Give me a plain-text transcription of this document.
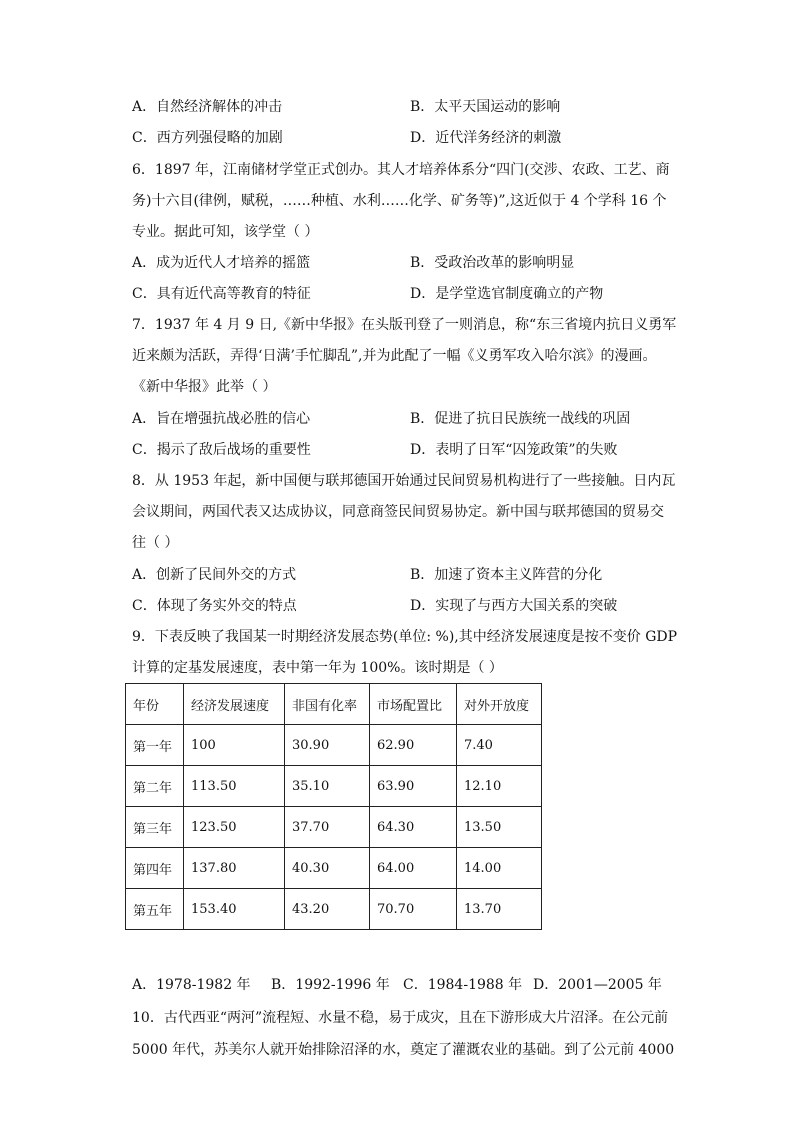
A．自然经济解体的冲击	B．太平天国运动的影响
C．西方列强侵略的加剧	D．近代洋务经济的刺激
6．1897 年，江南储材学堂正式创办。其人才培养体系分“四门(交涉、农政、工艺、商
务)十六目(律例，赋税，……种植、水利……化学、矿务等)”,这近似于 4 个学科 16 个
专业。据此可知，该学堂（ ）
A．成为近代人才培养的摇篮	B．受政治改革的影响明显
C．具有近代高等教育的特征	D．是学堂选官制度确立的产物
7．1937 年 4 月 9 日,《新中华报》在头版刊登了一则消息，称“东三省境内抗日义勇军
近来颇为活跃，弄得‘日满’手忙脚乱”,并为此配了一幅《义勇军攻入哈尔滨》的漫画。
《新中华报》此举（ ）
A．旨在增强抗战必胜的信心	B．促进了抗日民族统一战线的巩固
C．揭示了敌后战场的重要性	D．表明了日军“囚笼政策”的失败
8．从 1953 年起，新中国便与联邦德国开始通过民间贸易机构进行了一些接触。日内瓦
会议期间，两国代表又达成协议，同意商签民间贸易协定。新中国与联邦德国的贸易交
往（ ）
A．创新了民间外交的方式	B．加速了资本主义阵营的分化
C．体现了务实外交的特点	D．实现了与西方大国关系的突破
9．下表反映了我国某一时期经济发展态势(单位: %),其中经济发展速度是按不变价 GDP
计算的定基发展速度，表中第一年为 100%。该时期是（ ）
年份	经济发展速度	非国有化率	市场配置比	对外开放度
第一年	100	30.90	62.90	7.40
第二年	113.50	35.10	63.90	12.10
第三年	123.50	37.70	64.30	13.50
第四年	137.80	40.30	64.00	14.00
第五年	153.40	43.20	70.70	13.70
A．1978-1982 年 B．1992-1996 年 C．1984-1988 年 D．2001—2005 年
10．古代西亚“两河”流程短、水量不稳，易于成灾，且在下游形成大片沼泽。在公元前
5000 年代，苏美尔人就开始排除沼泽的水，奠定了灌溉农业的基础。到了公元前 4000
